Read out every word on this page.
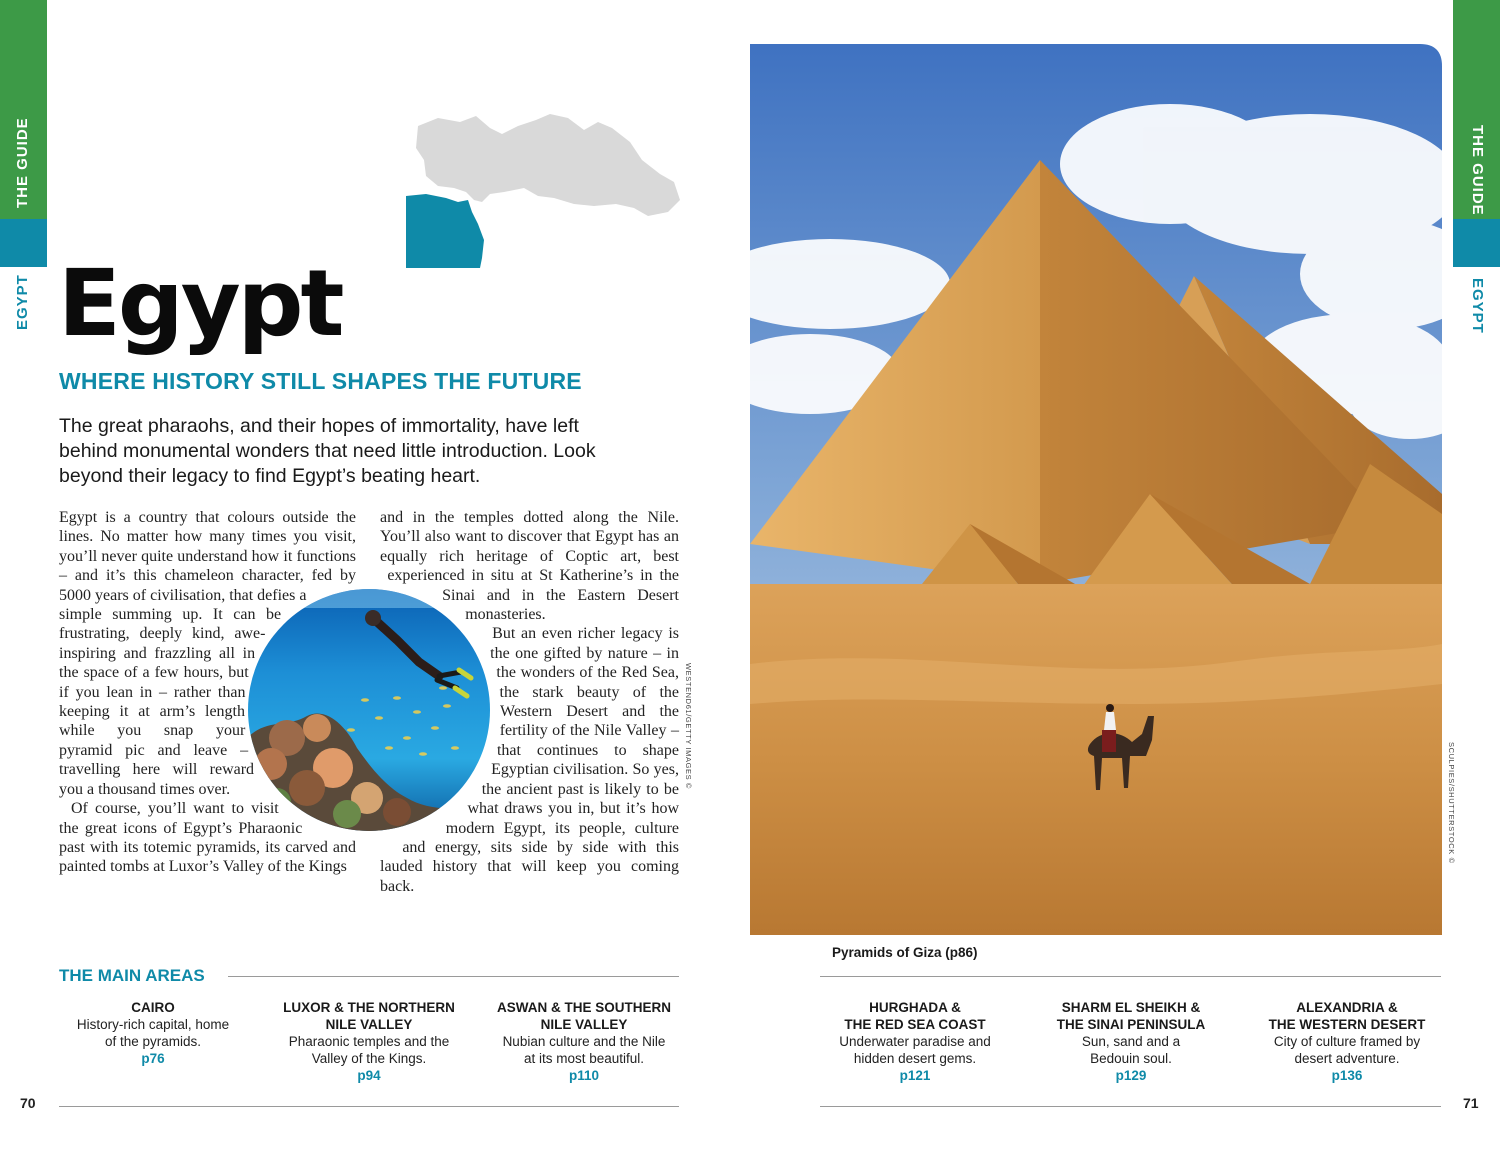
THE GUIDE
EGYPT
THE GUIDE
EGYPT
Egypt
WHERE HISTORY STILL SHAPES THE FUTURE
The great pharaohs, and their hopes of immortality, have left behind monumental wonders that need little introduction. Look beyond their legacy to find Egypt’s beating heart.

Egypt is a country that colours outside the lines. No matter how many times you visit, you’ll never quite understand how it functions – and it’s this chameleon character, fed by 5000 years of civilisation, that defies a simple summing up. It can be frustrating, deeply kind, awe-inspiring and frazzling all in the space of a few hours, but if you lean in – rather than keeping it at arm’s length while you snap your pyramid pic and leave – travelling here will reward you a thousand times over.

Of course, you’ll want to visit the great icons of Egypt’s Pharaonic past with its totemic pyramids, its carved and painted tombs at Luxor’s Valley of the Kings

and in the temples dotted along the Nile. You’ll also want to discover that Egypt has an equally rich heritage of Coptic art, best experienced in situ at St Katherine’s in the Sinai and in the Eastern Desert monasteries.

But an even richer legacy is the one gifted by nature – in the wonders of the Red Sea, the stark beauty of the Western Desert and the fertility of the Nile Valley – that continues to shape Egyptian civilisation. So yes, the ancient past is likely to be what draws you in, but it’s how modern Egypt, its people, culture and energy, sits side by side with this lauded history that will keep you coming back.

WESTEND61/GETTY IMAGES ©
SCULPIES/SHUTTERSTOCK ©
Pyramids of Giza (p86)
THE MAIN AREAS
CAIRO
History-rich capital, home
of the pyramids.
p76
LUXOR & THE NORTHERN
NILE VALLEY
Pharaonic temples and the
Valley of the Kings.
p94
ASWAN & THE SOUTHERN
NILE VALLEY
Nubian culture and the Nile
at its most beautiful.
p110
HURGHADA &
THE RED SEA COAST
Underwater paradise and
hidden desert gems.
p121
SHARM EL SHEIKH &
THE SINAI PENINSULA
Sun, sand and a
Bedouin soul.
p129
ALEXANDRIA &
THE WESTERN DESERT
City of culture framed by
desert adventure.
p136
70	71
